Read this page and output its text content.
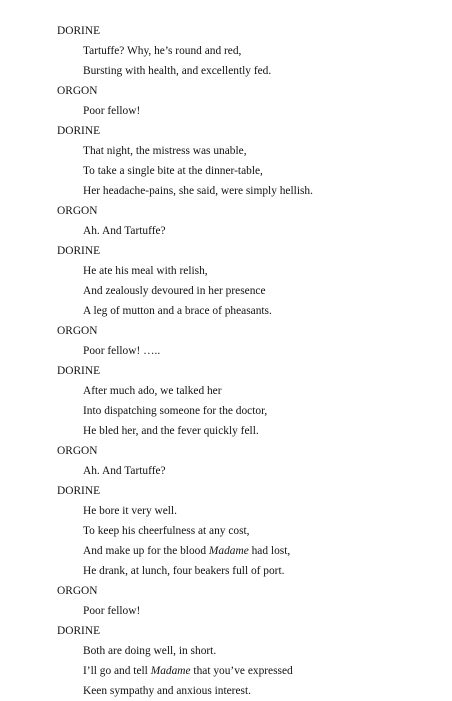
DORINE
Tartuffe? Why, he’s round and red,
Bursting with health, and excellently fed.
ORGON
Poor fellow!
DORINE
That night, the mistress was unable,
To take a single bite at the dinner-table,
Her headache-pains, she said, were simply hellish.
ORGON
Ah. And Tartuffe?
DORINE
He ate his meal with relish,
And zealously devoured in her presence
A leg of mutton and a brace of pheasants.
ORGON
Poor fellow! …..
DORINE
After much ado, we talked her
Into dispatching someone for the doctor,
He bled her, and the fever quickly fell.
ORGON
Ah. And Tartuffe?
DORINE
He bore it very well.
To keep his cheerfulness at any cost,
And make up for the blood Madame had lost,
He drank, at lunch, four beakers full of port.
ORGON
Poor fellow!
DORINE
Both are doing well, in short.
I’ll go and tell Madame that you’ve expressed
Keen sympathy and anxious interest.
